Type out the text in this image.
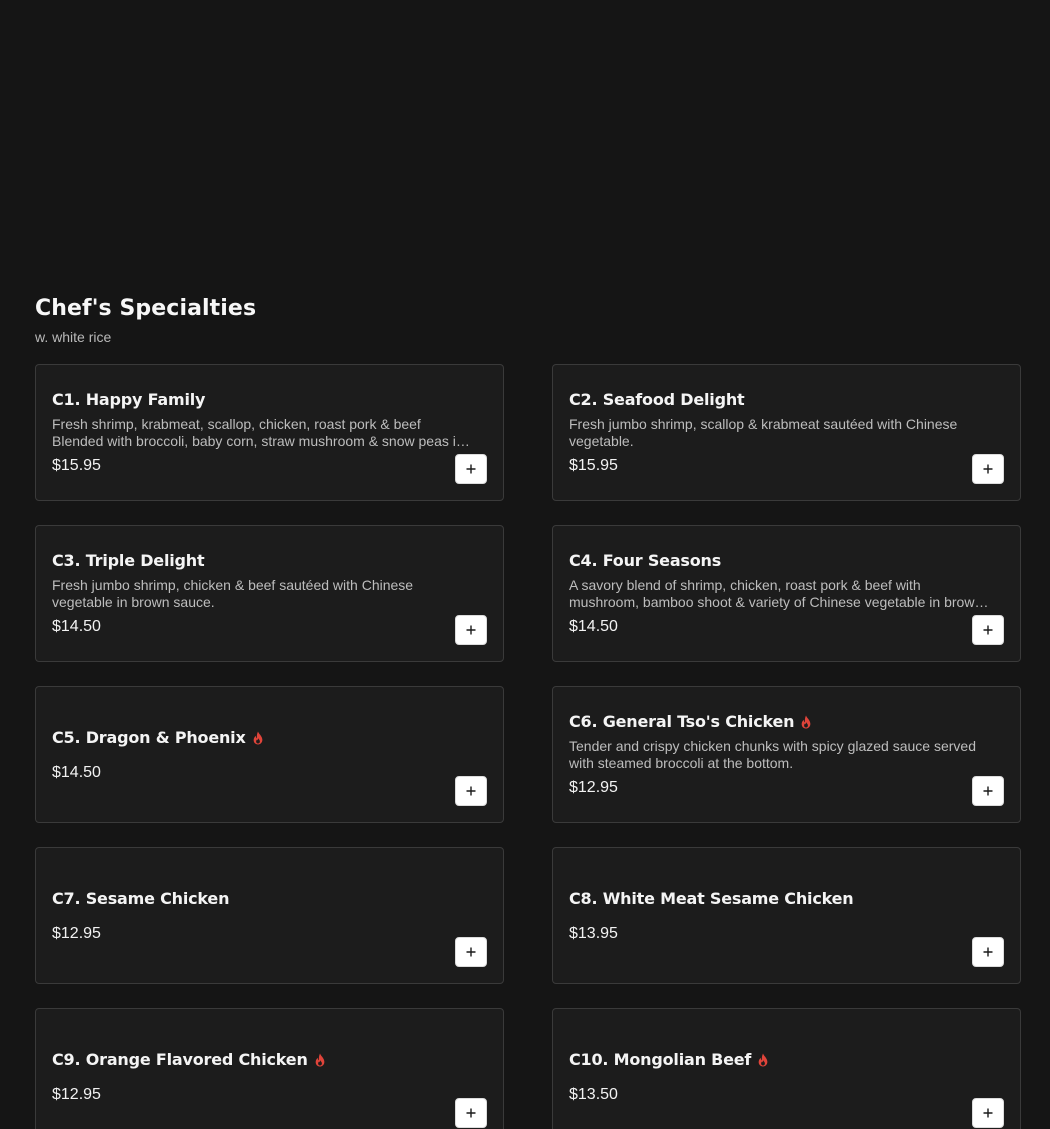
Chef's Specialties
w. white rice
C1. Happy Family
Fresh shrimp, krabmeat, scallop, chicken, roast pork & beef Blended with broccoli, baby corn, straw mushroom & snow peas in
$15.95
C2. Seafood Delight
Fresh jumbo shrimp, scallop & krabmeat sautéed with Chinese vegetable.
$15.95
C3. Triple Delight
Fresh jumbo shrimp, chicken & beef sautéed with Chinese vegetable in brown sauce.
$14.50
C4. Four Seasons
A savory blend of shrimp, chicken, roast pork & beef with mushroom, bamboo shoot & variety of Chinese vegetable in brown
$14.50
C5. Dragon & Phoenix
$14.50
C6. General Tso's Chicken
Tender and crispy chicken chunks with spicy glazed sauce served with steamed broccoli at the bottom.
$12.95
C7. Sesame Chicken
$12.95
C8. White Meat Sesame Chicken
$13.95
C9. Orange Flavored Chicken
$12.95
C10. Mongolian Beef
$13.50
